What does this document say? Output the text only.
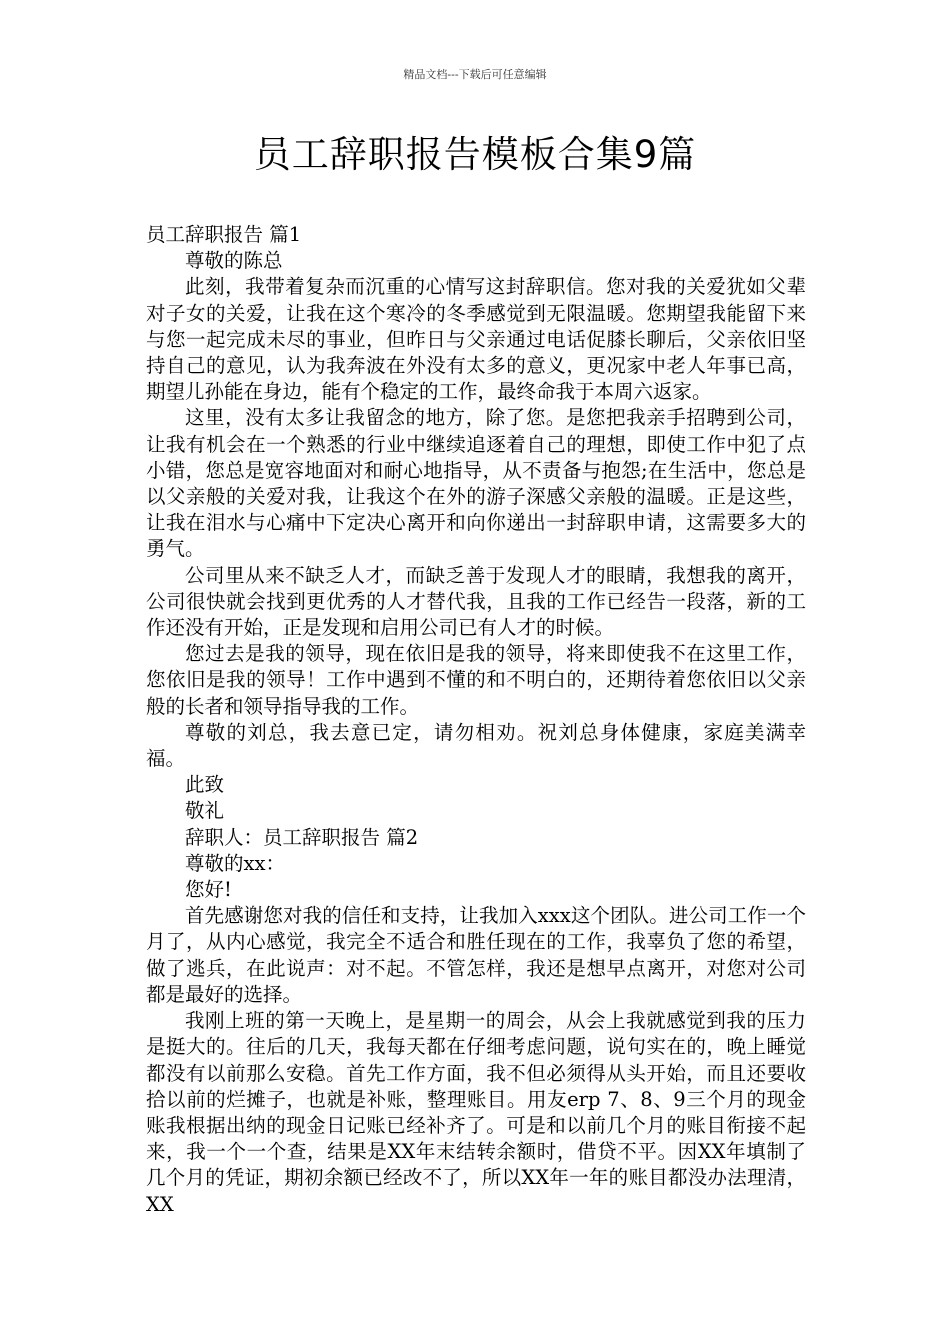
精品文档---下载后可任意编辑
员工辞职报告模板合集9篇

员工辞职报告 篇1

尊敬的陈总

此刻，我带着复杂而沉重的心情写这封辞职信。您对我的关爱犹如父辈对子女的关爱，让我在这个寒冷的冬季感觉到无限温暖。您期望我能留下来与您一起完成未尽的事业，但昨日与父亲通过电话促膝长聊后，父亲依旧坚持自己的意见，认为我奔波在外没有太多的意义，更况家中老人年事已高，期望儿孙能在身边，能有个稳定的工作，最终命我于本周六返家。

这里，没有太多让我留念的地方，除了您。是您把我亲手招聘到公司，让我有机会在一个熟悉的行业中继续追逐着自己的理想，即使工作中犯了点小错，您总是宽容地面对和耐心地指导，从不责备与抱怨;在生活中，您总是以父亲般的关爱对我，让我这个在外的游子深感父亲般的温暖。正是这些，让我在泪水与心痛中下定决心离开和向你递出一封辞职申请，这需要多大的勇气。

公司里从来不缺乏人才，而缺乏善于发现人才的眼睛，我想我的离开，公司很快就会找到更优秀的人才替代我，且我的工作已经告一段落，新的工作还没有开始，正是发现和启用公司已有人才的时候。

您过去是我的领导，现在依旧是我的领导，将来即使我不在这里工作，您依旧是我的领导！工作中遇到不懂的和不明白的，还期待着您依旧以父亲般的长者和领导指导我的工作。

尊敬的刘总，我去意已定，请勿相劝。祝刘总身体健康，家庭美满幸福。

此致

敬礼

辞职人：员工辞职报告 篇2

尊敬的xx：

您好!

首先感谢您对我的信任和支持，让我加入xxx这个团队。进公司工作一个月了，从内心感觉，我完全不适合和胜任现在的工作，我辜负了您的希望，做了逃兵，在此说声：对不起。不管怎样，我还是想早点离开，对您对公司都是最好的选择。

我刚上班的第一天晚上，是星期一的周会，从会上我就感觉到我的压力是挺大的。往后的几天，我每天都在仔细考虑问题，说句实在的，晚上睡觉都没有以前那么安稳。首先工作方面，我不但必须得从头开始，而且还要收拾以前的烂摊子，也就是补账，整理账目。用友erp 7、8、9三个月的现金账我根据出纳的现金日记账已经补齐了。可是和以前几个月的账目衔接不起来，我一个一个查，结果是XX年末结转余额时，借贷不平。因XX年填制了几个月的凭证，期初余额已经改不了，所以XX年一年的账目都没办法理清，XX
